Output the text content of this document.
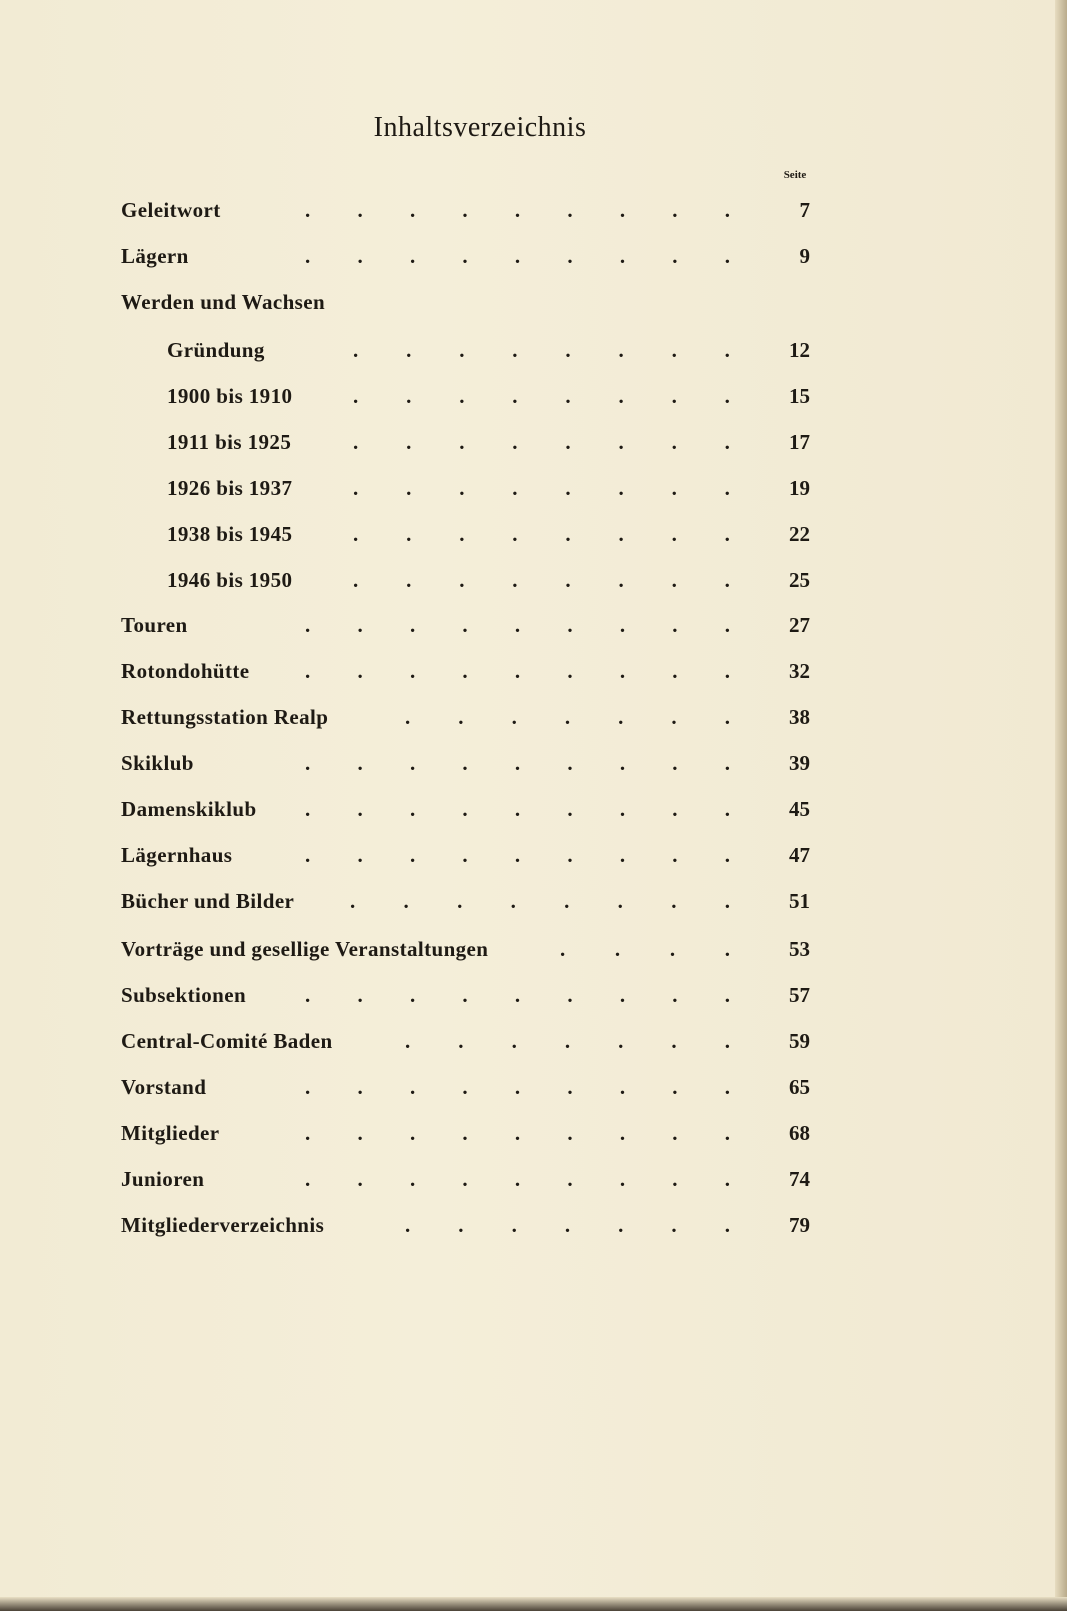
Inhaltsverzeichnis
Seite
Geleitwort	. . . . . . . . .	7
Lägern	. . . . . . . . .	9
Werden und Wachsen
Gründung	. . . . . . . .	12
1900 bis 1910	. . . . . . . .	15
1911 bis 1925	. . . . . . . .	17
1926 bis 1937	. . . . . . . .	19
1938 bis 1945	. . . . . . . .	22
1946 bis 1950	. . . . . . . .	25
Touren	. . . . . . . . .	27
Rotondohütte	. . . . . . . . .	32
Rettungsstation Realp	. . . . . . .	38
Skiklub	. . . . . . . . .	39
Damenskiklub . . . . . . . . .	45
Lägernhaus	. . . . . . . . .	47
Bücher und Bilder	. . . . . . . .	51
Vorträge und gesellige Veranstaltungen	. . . .	53
Subsektionen	. . . . . . . . .	57
Central-Comité Baden	. . . . . . .	59
Vorstand	. . . . . . . . .	65
Mitglieder	. . . . . . . . .	68
Junioren	. . . . . . . . .	74
Mitgliederverzeichnis	. . . . . . .	79
